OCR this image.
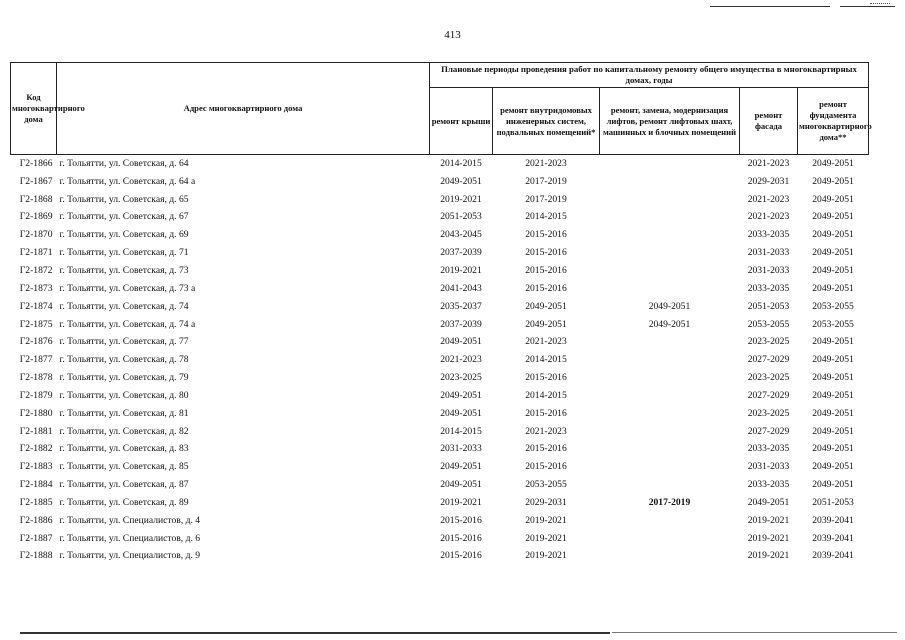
413
Код многоквартирного дома	Адрес многоквартирного дома	Плановые периоды проведения работ по капитальному ремонту общего имущества в многоквартирных домах, годы				
		ремонт крыши	ремонт внутридомовых инженерных систем, подвальных помещений*	ремонт, замена, модернизация лифтов, ремонт лифтовых шахт, машинных и блочных помещений	ремонт фасада	ремонт фундамента многоквартирного дома**
Г2-1866	г. Тольятти, ул. Советская, д. 64	2014-2015	2021-2023		2021-2023	2049-2051
Г2-1867	г. Тольятти, ул. Советская, д. 64 а	2049-2051	2017-2019		2029-2031	2049-2051
Г2-1868	г. Тольятти, ул. Советская, д. 65	2019-2021	2017-2019		2021-2023	2049-2051
Г2-1869	г. Тольятти, ул. Советская, д. 67	2051-2053	2014-2015		2021-2023	2049-2051
Г2-1870	г. Тольятти, ул. Советская, д. 69	2043-2045	2015-2016		2033-2035	2049-2051
Г2-1871	г. Тольятти, ул. Советская, д. 71	2037-2039	2015-2016		2031-2033	2049-2051
Г2-1872	г. Тольятти, ул. Советская, д. 73	2019-2021	2015-2016		2031-2033	2049-2051
Г2-1873	г. Тольятти, ул. Советская, д. 73 а	2041-2043	2015-2016		2033-2035	2049-2051
Г2-1874	г. Тольятти, ул. Советская, д. 74	2035-2037	2049-2051	2049-2051	2051-2053	2053-2055
Г2-1875	г. Тольятти, ул. Советская, д. 74 а	2037-2039	2049-2051	2049-2051	2053-2055	2053-2055
Г2-1876	г. Тольятти, ул. Советская, д. 77	2049-2051	2021-2023		2023-2025	2049-2051
Г2-1877	г. Тольятти, ул. Советская, д. 78	2021-2023	2014-2015		2027-2029	2049-2051
Г2-1878	г. Тольятти, ул. Советская, д. 79	2023-2025	2015-2016		2023-2025	2049-2051
Г2-1879	г. Тольятти, ул. Советская, д. 80	2049-2051	2014-2015		2027-2029	2049-2051
Г2-1880	г. Тольятти, ул. Советская, д. 81	2049-2051	2015-2016		2023-2025	2049-2051
Г2-1881	г. Тольятти, ул. Советская, д. 82	2014-2015	2021-2023		2027-2029	2049-2051
Г2-1882	г. Тольятти, ул. Советская, д. 83	2031-2033	2015-2016		2033-2035	2049-2051
Г2-1883	г. Тольятти, ул. Советская, д. 85	2049-2051	2015-2016		2031-2033	2049-2051
Г2-1884	г. Тольятти, ул. Советская, д. 87	2049-2051	2053-2055		2033-2035	2049-2051
Г2-1885	г. Тольятти, ул. Советская, д. 89	2019-2021	2029-2031	2017-2019	2049-2051	2051-2053
Г2-1886	г. Тольятти, ул. Специалистов, д. 4	2015-2016	2019-2021		2019-2021	2039-2041
Г2-1887	г. Тольятти, ул. Специалистов, д. 6	2015-2016	2019-2021		2019-2021	2039-2041
Г2-1888	г. Тольятти, ул. Специалистов, д. 9	2015-2016	2019-2021		2019-2021	2039-2041
